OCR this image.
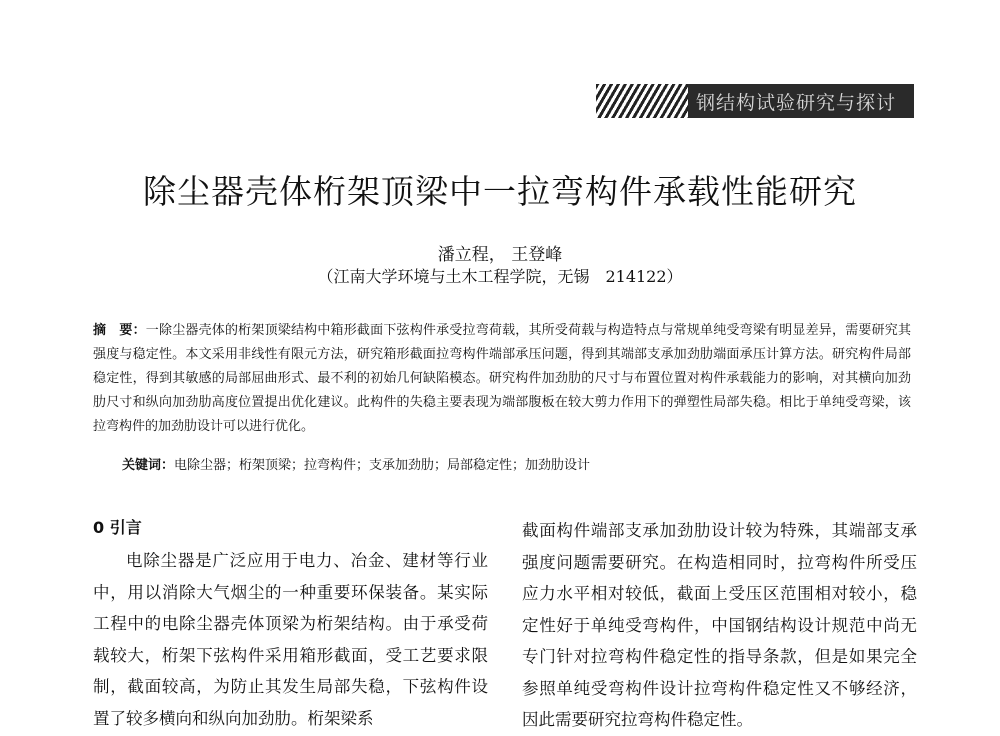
钢结构试验研究与探讨
除尘器壳体桁架顶梁中一拉弯构件承载性能研究
潘立程， 王登峰
（江南大学环境与土木工程学院，无锡　214122）
摘　要：一除尘器壳体的桁架顶梁结构中箱形截面下弦构件承受拉弯荷载，其所受荷载与构造特点与常规单纯受弯梁有明显差异，需要研究其强度与稳定性。本文采用非线性有限元方法，研究箱形截面拉弯构件端部承压问题，得到其端部支承加劲肋端面承压计算方法。研究构件局部稳定性，得到其敏感的局部屈曲形式、最不利的初始几何缺陷模态。研究构件加劲肋的尺寸与布置位置对构件承载能力的影响，对其横向加劲肋尺寸和纵向加劲肋高度位置提出优化建议。此构件的失稳主要表现为端部腹板在较大剪力作用下的弹塑性局部失稳。相比于单纯受弯梁，该拉弯构件的加劲肋设计可以进行优化。
关键词：电除尘器；桁架顶梁；拉弯构件；支承加劲肋；局部稳定性；加劲肋设计
0 引言

电除尘器是广泛应用于电力、冶金、建材等行业中，用以消除大气烟尘的一种重要环保装备。某实际工程中的电除尘器壳体顶梁为桁架结构。由于承受荷载较大，桁架下弦构件采用箱形截面，受工艺要求限制，截面较高，为防止其发生局部失稳，下弦构件设置了较多横向和纵向加劲肋。桁架梁系

截面构件端部支承加劲肋设计较为特殊，其端部支承强度问题需要研究。在构造相同时，拉弯构件所受压应力水平相对较低，截面上受压区范围相对较小，稳定性好于单纯受弯构件，中国钢结构设计规范中尚无专门针对拉弯构件稳定性的指导条款，但是如果完全参照单纯受弯构件设计拉弯构件稳定性又不够经济，因此需要研究拉弯构件稳定性。
